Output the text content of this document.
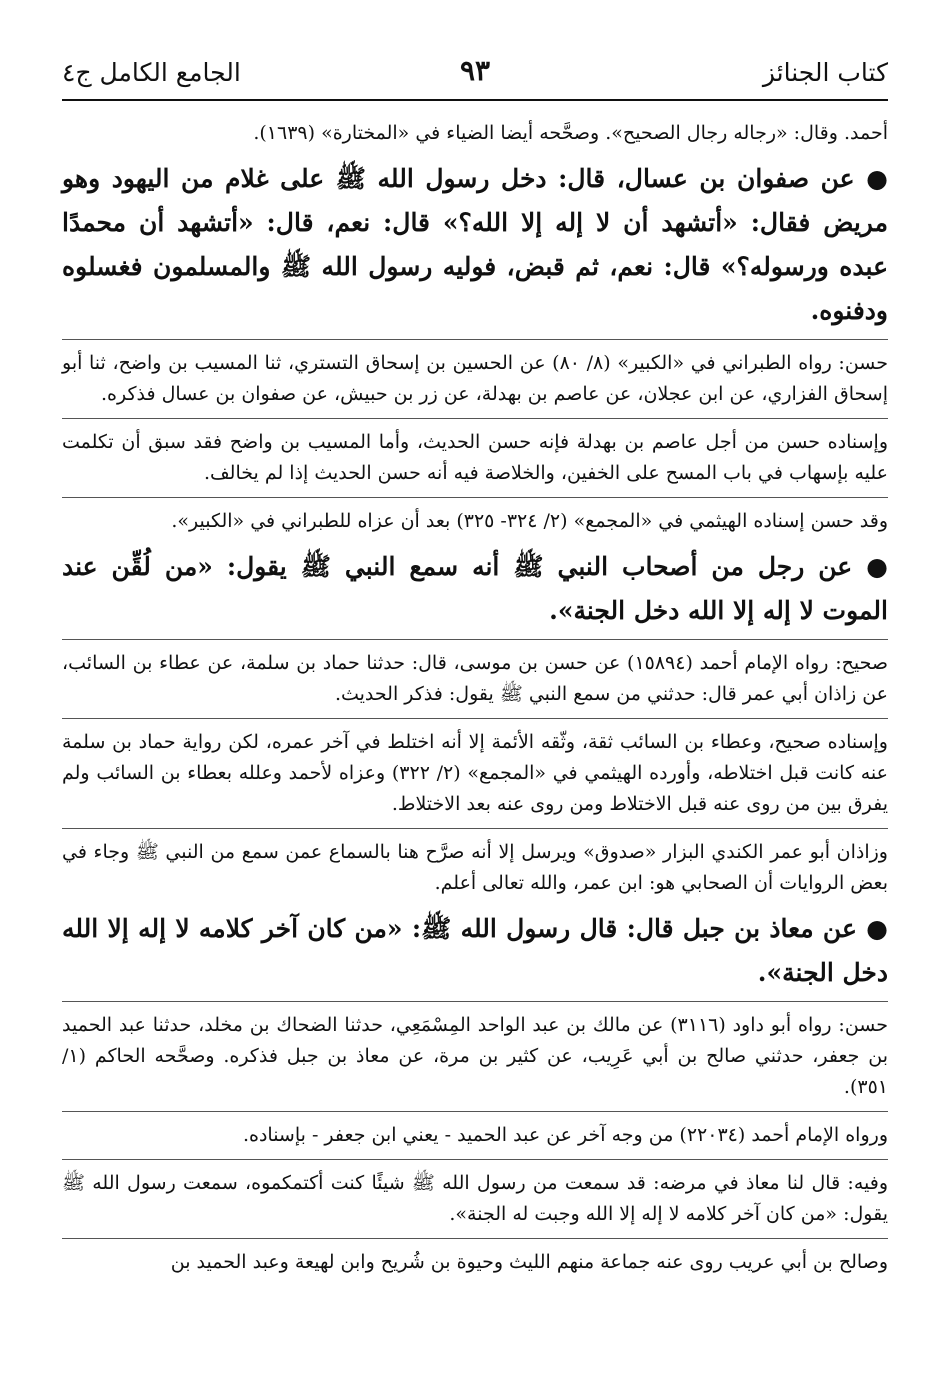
كتاب الجنائز
٩٣
الجامع الكامل ج٤

أحمد. وقال: «رجاله رجال الصحيح». وصحَّحه أيضا الضياء في «المختارة» (١٦٣٩).

● عن صفوان بن عسال، قال: دخل رسول الله ﷺ على غلام من اليهود وهو مريض فقال: «أتشهد أن لا إله إلا الله؟» قال: نعم، قال: «أتشهد أن محمدًا عبده ورسوله؟» قال: نعم، ثم قبض، فوليه رسول الله ﷺ والمسلمون فغسلوه ودفنوه.

حسن: رواه الطبراني في «الكبير» (٨/ ٨٠) عن الحسين بن إسحاق التستري، ثنا المسيب بن واضح، ثنا أبو إسحاق الفزاري، عن ابن عجلان، عن عاصم بن بهدلة، عن زر بن حبيش، عن صفوان بن عسال فذكره.

وإسناده حسن من أجل عاصم بن بهدلة فإنه حسن الحديث، وأما المسيب بن واضح فقد سبق أن تكلمت عليه بإسهاب في باب المسح على الخفين، والخلاصة فيه أنه حسن الحديث إذا لم يخالف.

وقد حسن إسناده الهيثمي في «المجمع» (٢/ ٣٢٤- ٣٢٥) بعد أن عزاه للطبراني في «الكبير».

● عن رجل من أصحاب النبي ﷺ أنه سمع النبي ﷺ يقول: «من لُقِّن عند الموت لا إله إلا الله دخل الجنة».

صحيح: رواه الإمام أحمد (١٥٨٩٤) عن حسن بن موسى، قال: حدثنا حماد بن سلمة، عن عطاء بن السائب، عن زاذان أبي عمر قال: حدثني من سمع النبي ﷺ يقول: فذكر الحديث.

وإسناده صحيح، وعطاء بن السائب ثقة، وثّقه الأئمة إلا أنه اختلط في آخر عمره، لكن رواية حماد بن سلمة عنه كانت قبل اختلاطه، وأورده الهيثمي في «المجمع» (٢/ ٣٢٢) وعزاه لأحمد وعلله بعطاء بن السائب ولم يفرق بين من روى عنه قبل الاختلاط ومن روى عنه بعد الاختلاط.

وزاذان أبو عمر الكندي البزار «صدوق» ويرسل إلا أنه صرَّح هنا بالسماع عمن سمع من النبي ﷺ وجاء في بعض الروايات أن الصحابي هو: ابن عمر، والله تعالى أعلم.

● عن معاذ بن جبل قال: قال رسول الله ﷺ: «من كان آخر كلامه لا إله إلا الله دخل الجنة».

حسن: رواه أبو داود (٣١١٦) عن مالك بن عبد الواحد المِسْمَعِي، حدثنا الضحاك بن مخلد، حدثنا عبد الحميد بن جعفر، حدثني صالح بن أبي عَرِيب، عن كثير بن مرة، عن معاذ بن جبل فذكره. وصحَّحه الحاكم (١/ ٣٥١).

ورواه الإمام أحمد (٢٢٠٣٤) من وجه آخر عن عبد الحميد - يعني ابن جعفر - بإسناده.

وفيه: قال لنا معاذ في مرضه: قد سمعت من رسول الله ﷺ شيئًا كنت أكتمكموه، سمعت رسول الله ﷺ يقول: «من كان آخر كلامه لا إله إلا الله وجبت له الجنة».

وصالح بن أبي عريب روى عنه جماعة منهم الليث وحيوة بن شُريح وابن لهيعة وعبد الحميد بن
